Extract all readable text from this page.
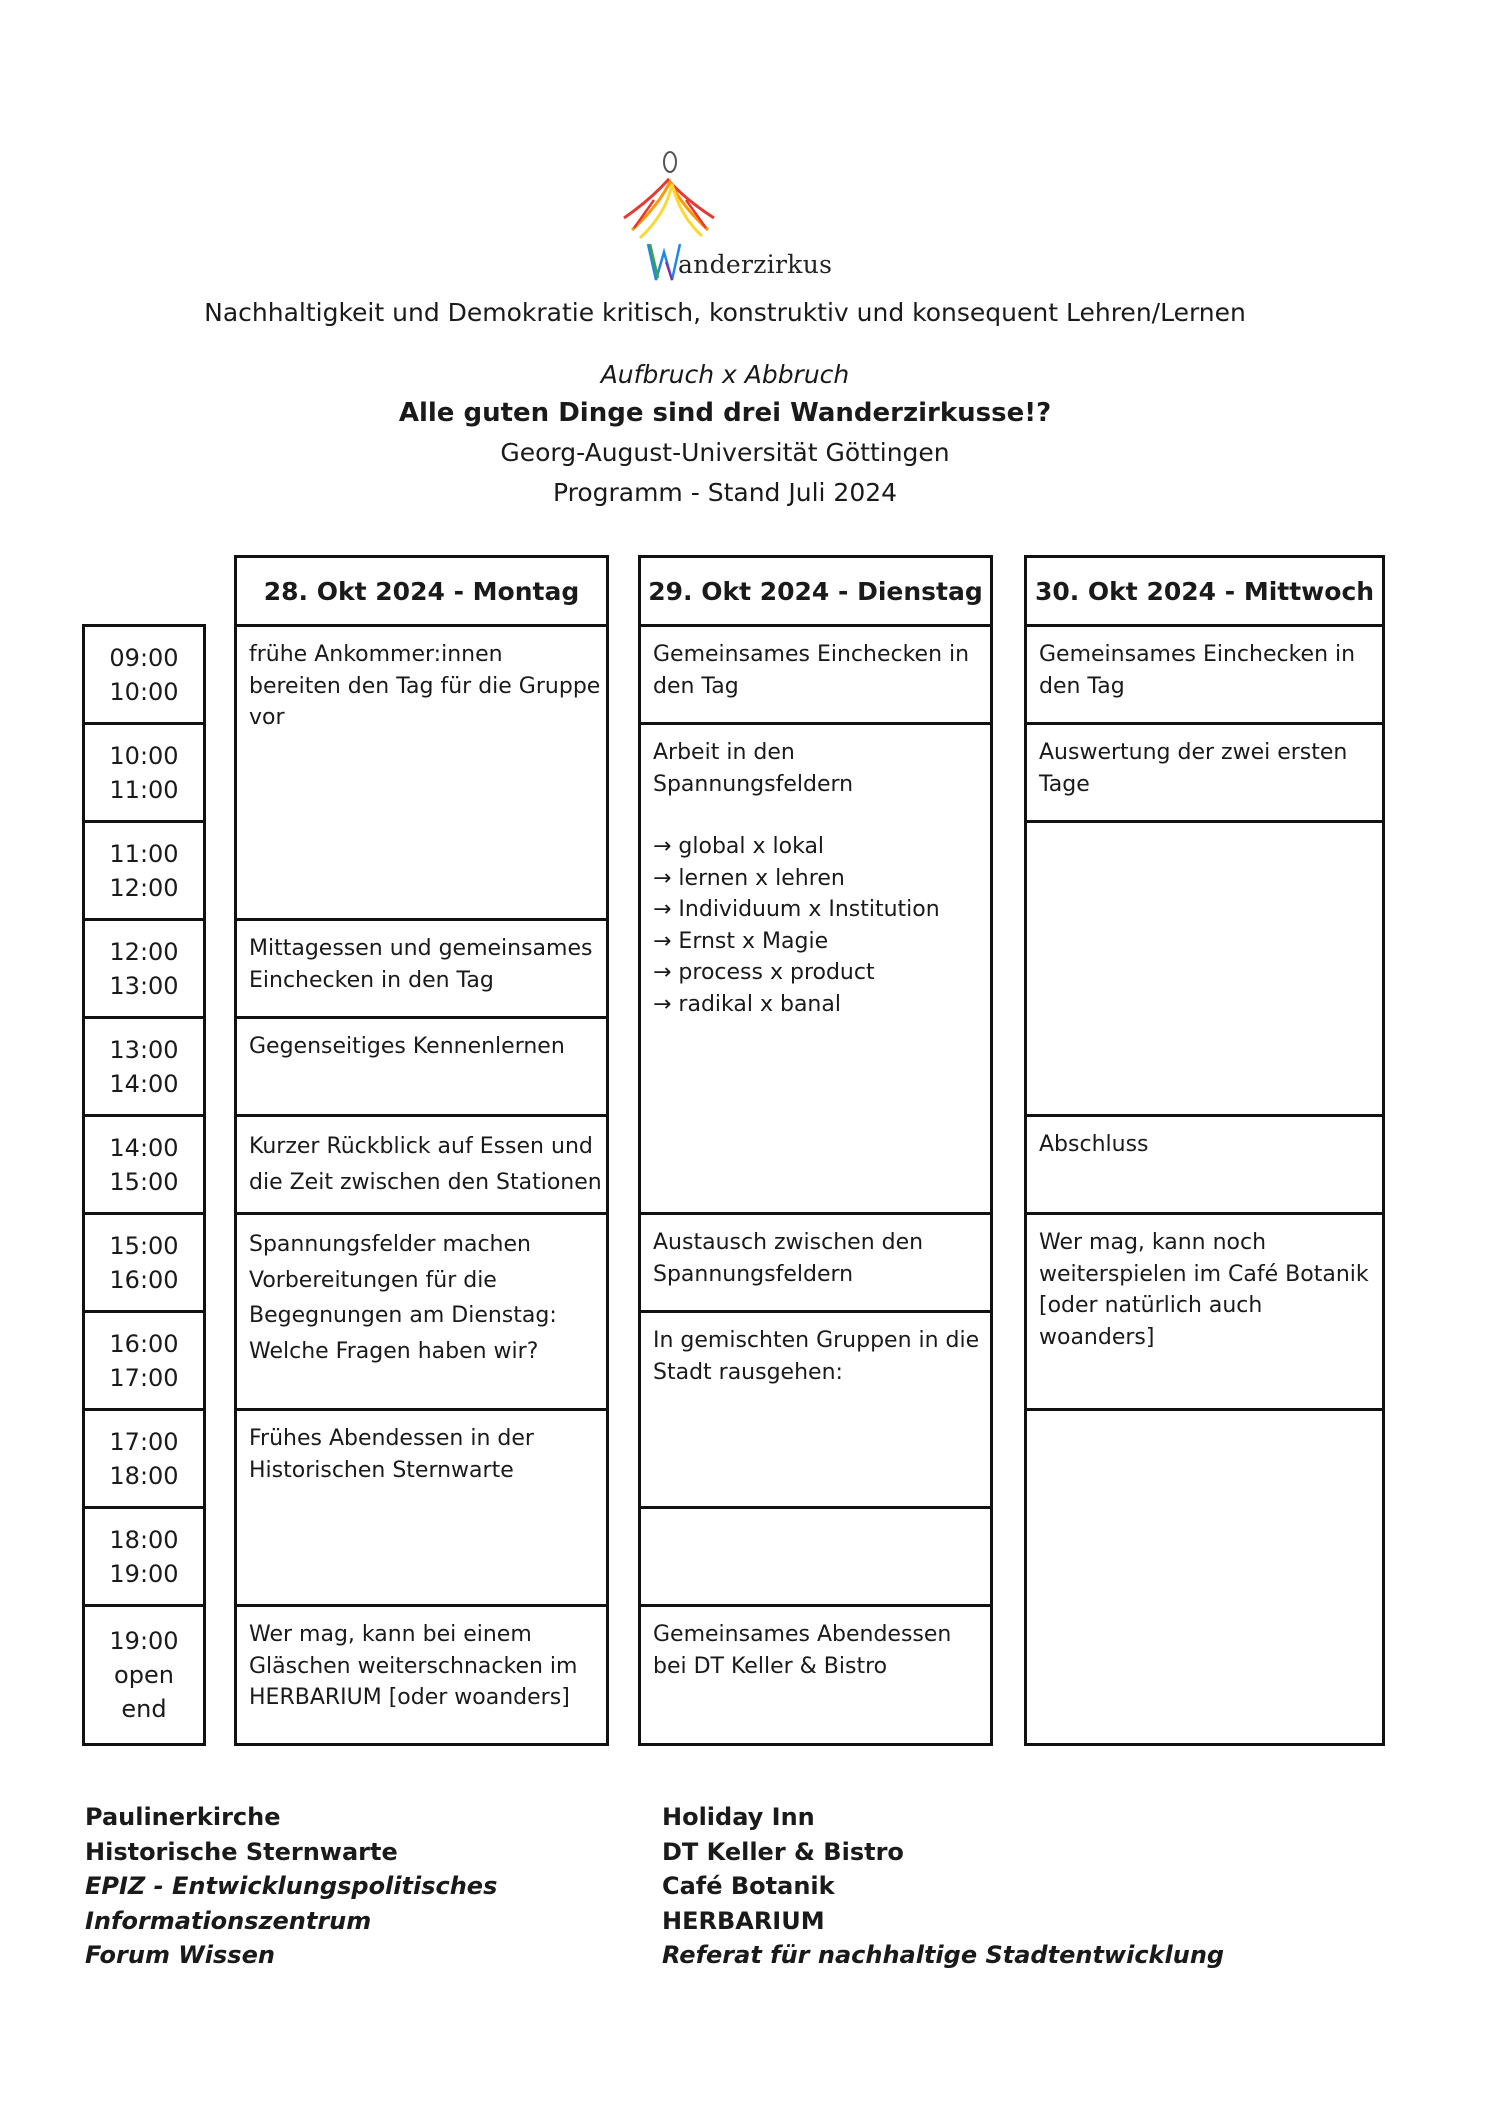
anderzirkus
Nachhaltigkeit und Demokratie kritisch, konstruktiv und konsequent Lehren/Lernen
Aufbruch x Abbruch
Alle guten Dinge sind drei Wanderzirkusse!?
Georg-August-Universität Göttingen
Programm - Stand Juli 2024
28. Okt 2024 - Montag	29. Okt 2024 - Dienstag 30. Okt 2024 - Mittwoch
09:00
10:00
10:00
11:00
11:00
12:00
12:00
13:00
13:00
14:00
14:00
15:00
15:00
16:00
16:00
17:00
17:00
18:00
18:00
19:00
19:00
open
end
frühe Ankommer:innen
bereiten den Tag für die Gruppe
vor
Mittagessen und gemeinsames
Einchecken in den Tag
Gegenseitiges Kennenlernen
Kurzer Rückblick auf Essen und
die Zeit zwischen den Stationen
Spannungsfelder machen
Vorbereitungen für die
Begegnungen am Dienstag:
Welche Fragen haben wir?
Frühes Abendessen in der
Historischen Sternwarte
Wer mag, kann bei einem
Gläschen weiterschnacken im
HERBARIUM [oder woanders]
Gemeinsames Einchecken in
den Tag
Arbeit in den
Spannungsfeldern
→ global x lokal
→ lernen x lehren
→ Individuum x Institution
→ Ernst x Magie
→ process x product
→ radikal x banal
Austausch zwischen den
Spannungsfeldern
In gemischten Gruppen in die
Stadt rausgehen:
Gemeinsames Abendessen
bei DT Keller & Bistro
Gemeinsames Einchecken in
den Tag
Auswertung der zwei ersten
Tage
Abschluss
Wer mag, kann noch
weiterspielen im Café Botanik
[oder natürlich auch
woanders]
Paulinerkirche
Historische Sternwarte
EPIZ - Entwicklungspolitisches
Informationszentrum
Forum Wissen
Holiday Inn
DT Keller & Bistro
Café Botanik
HERBARIUM
Referat für nachhaltige Stadtentwicklung
